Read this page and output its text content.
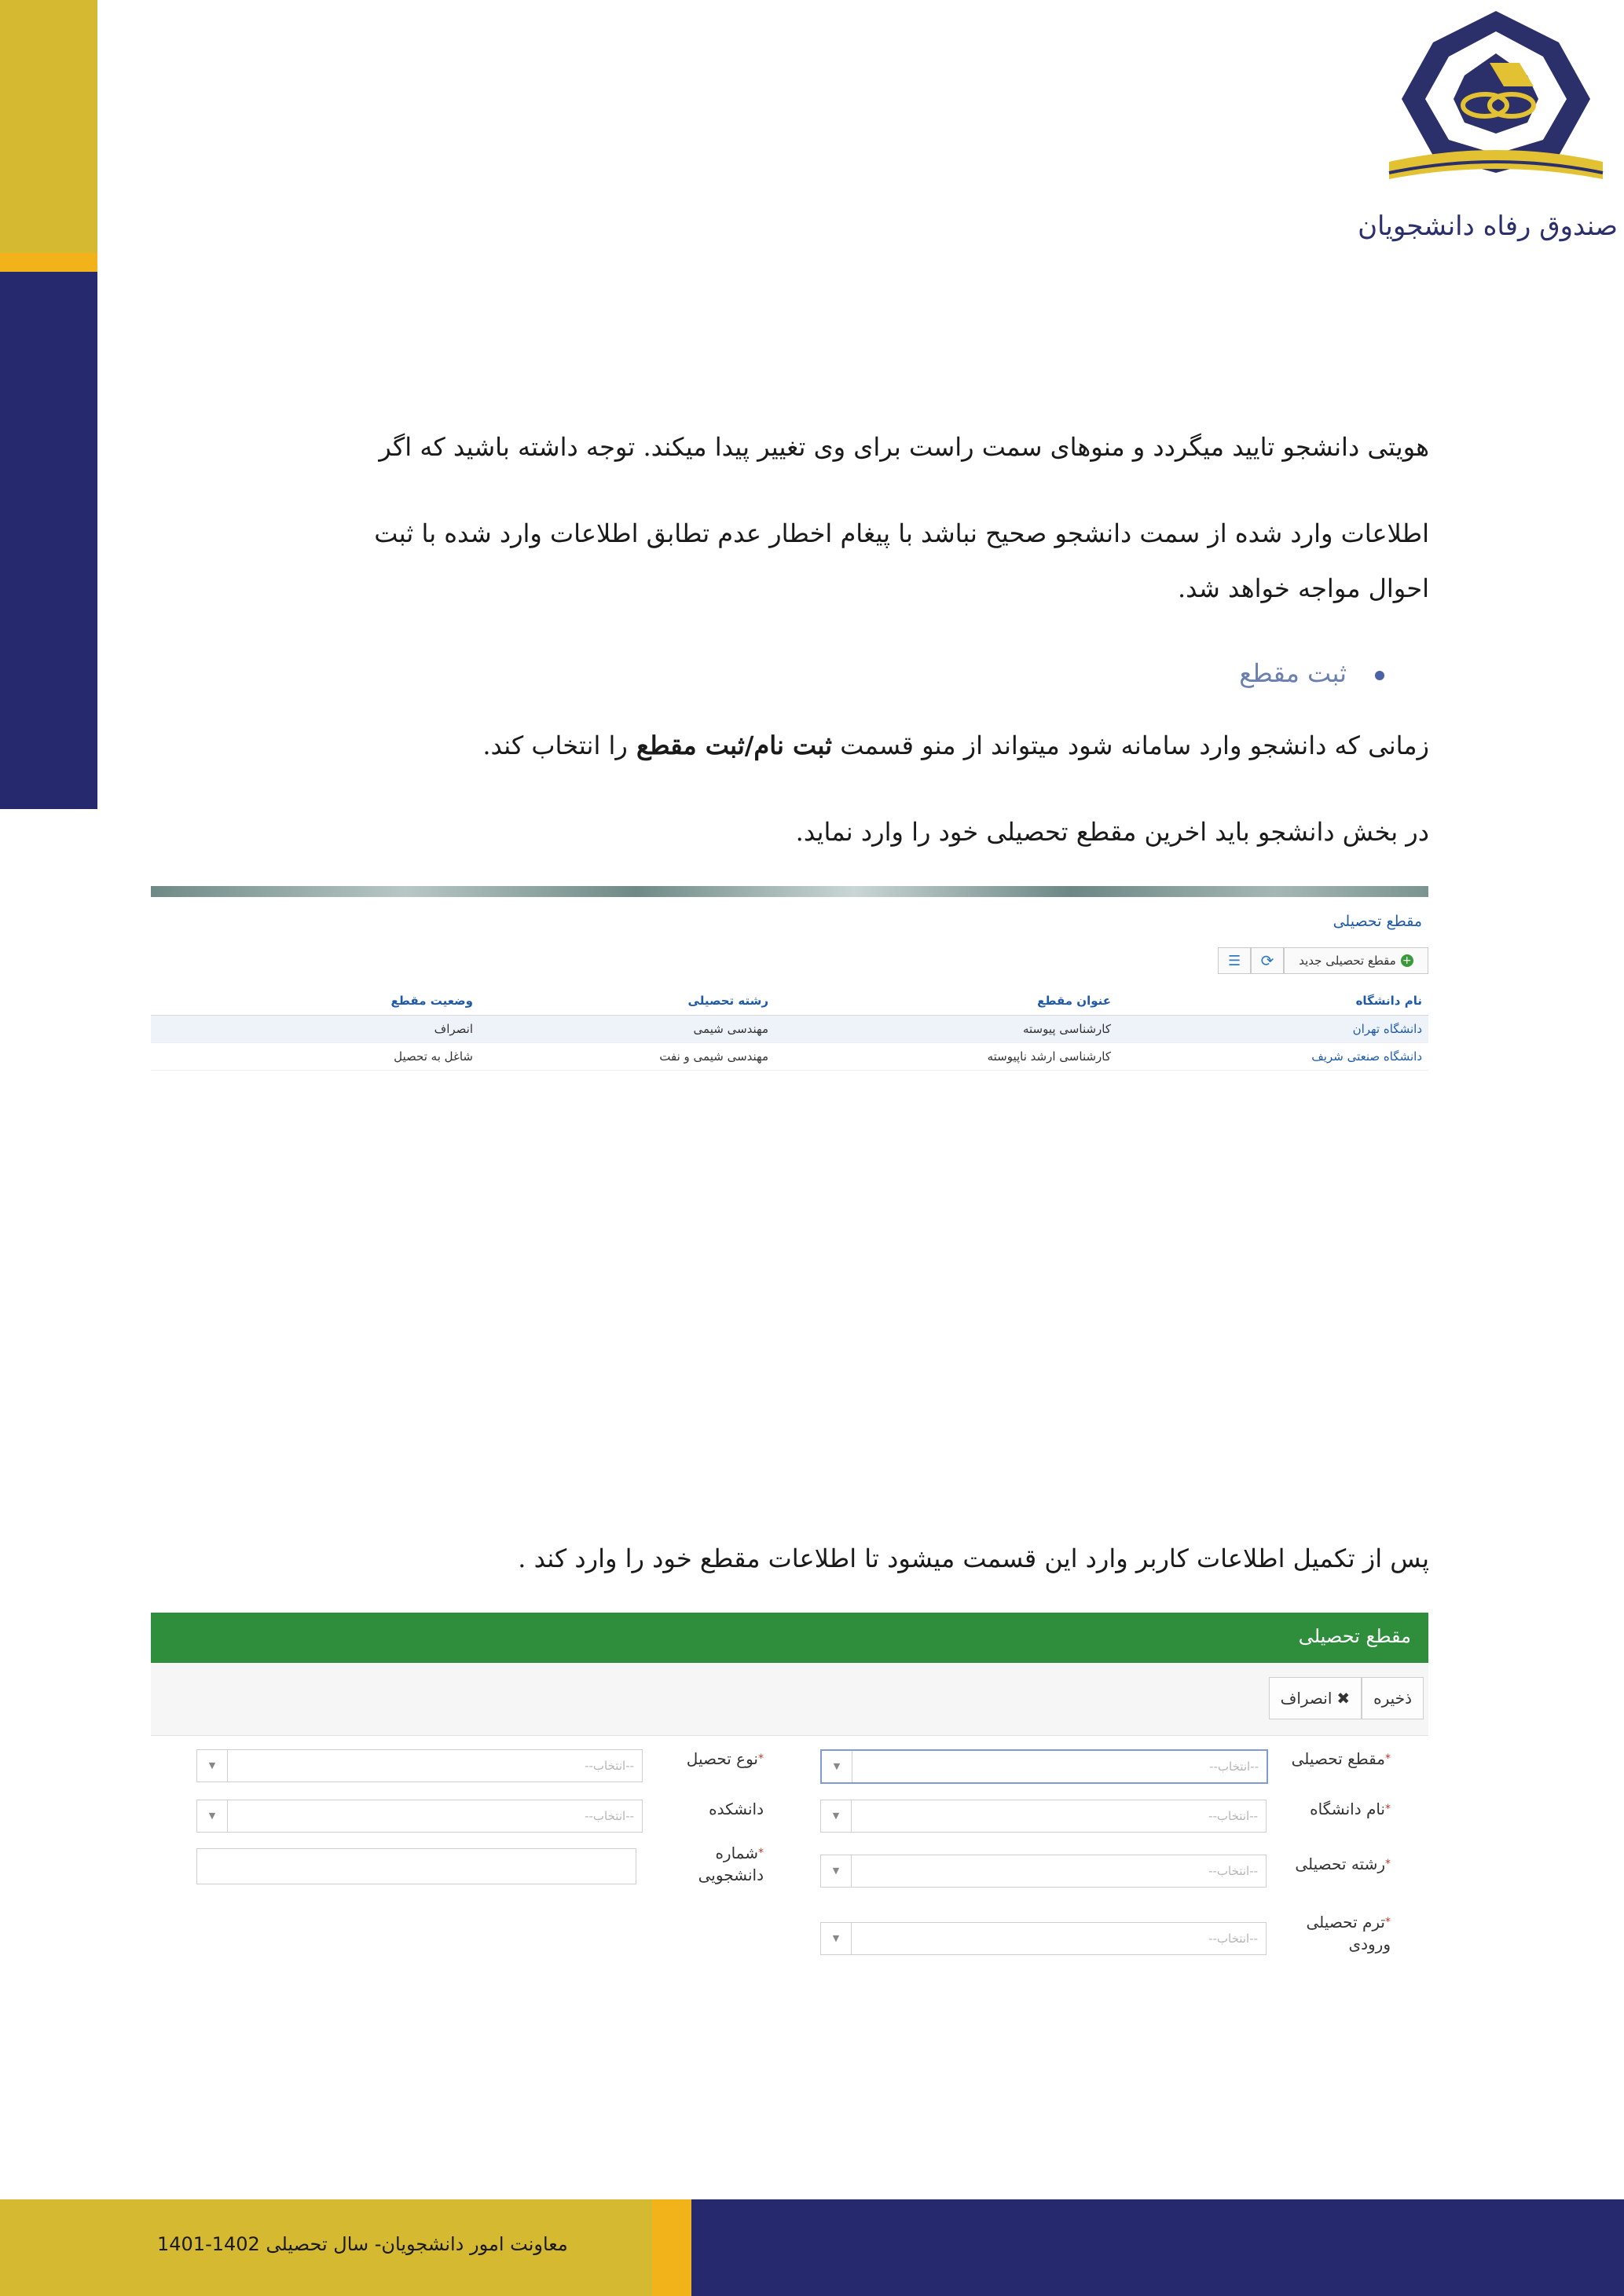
صندوق رفاه دانشجویان
هویتی دانشجو تایید میگردد و منوهای سمت راست برای وی تغییر پیدا میکند. توجه داشته باشید که اگر
اطلاعات وارد شده از سمت دانشجو صحیح نباشد با پیغام اخطار عدم تطابق اطلاعات وارد شده با ثبت
احوال مواجه خواهد شد.
ثبت مقطع
زمانی که دانشجو وارد سامانه شود میتواند از منو قسمت ثبت نام/ثبت مقطع را انتخاب کند.
در بخش دانشجو باید اخرین مقطع تحصیلی خود را وارد نماید.
مقطع تحصیلی
+
مقطع تحصیلی جدید
⟳
☰
نام دانشگاه	عنوان مقطع	رشته تحصیلی	وضعیت مقطع
دانشگاه تهران	کارشناسی پیوسته	مهندسی شیمی	انصراف
دانشگاه صنعتی شریف	کارشناسی ارشد ناپیوسته	مهندسی شیمی و نفت	شاغل به تحصیل
پس از تکمیل اطلاعات کاربر وارد این قسمت میشود تا اطلاعات مقطع خود را وارد کند .
مقطع تحصیلی
ذخیره
✖
انصراف
*مقطع تحصیلی
--انتخاب--
▼
*نام دانشگاه
--انتخاب--
▼
*رشته تحصیلی
--انتخاب--
▼
*ترم تحصیلی
ورودی
--انتخاب--
▼
*نوع تحصیل
--انتخاب--
▼
دانشکده
--انتخاب--
▼
*شماره
دانشجویی
معاونت امور دانشجویان- سال تحصیلی 1402-1401
